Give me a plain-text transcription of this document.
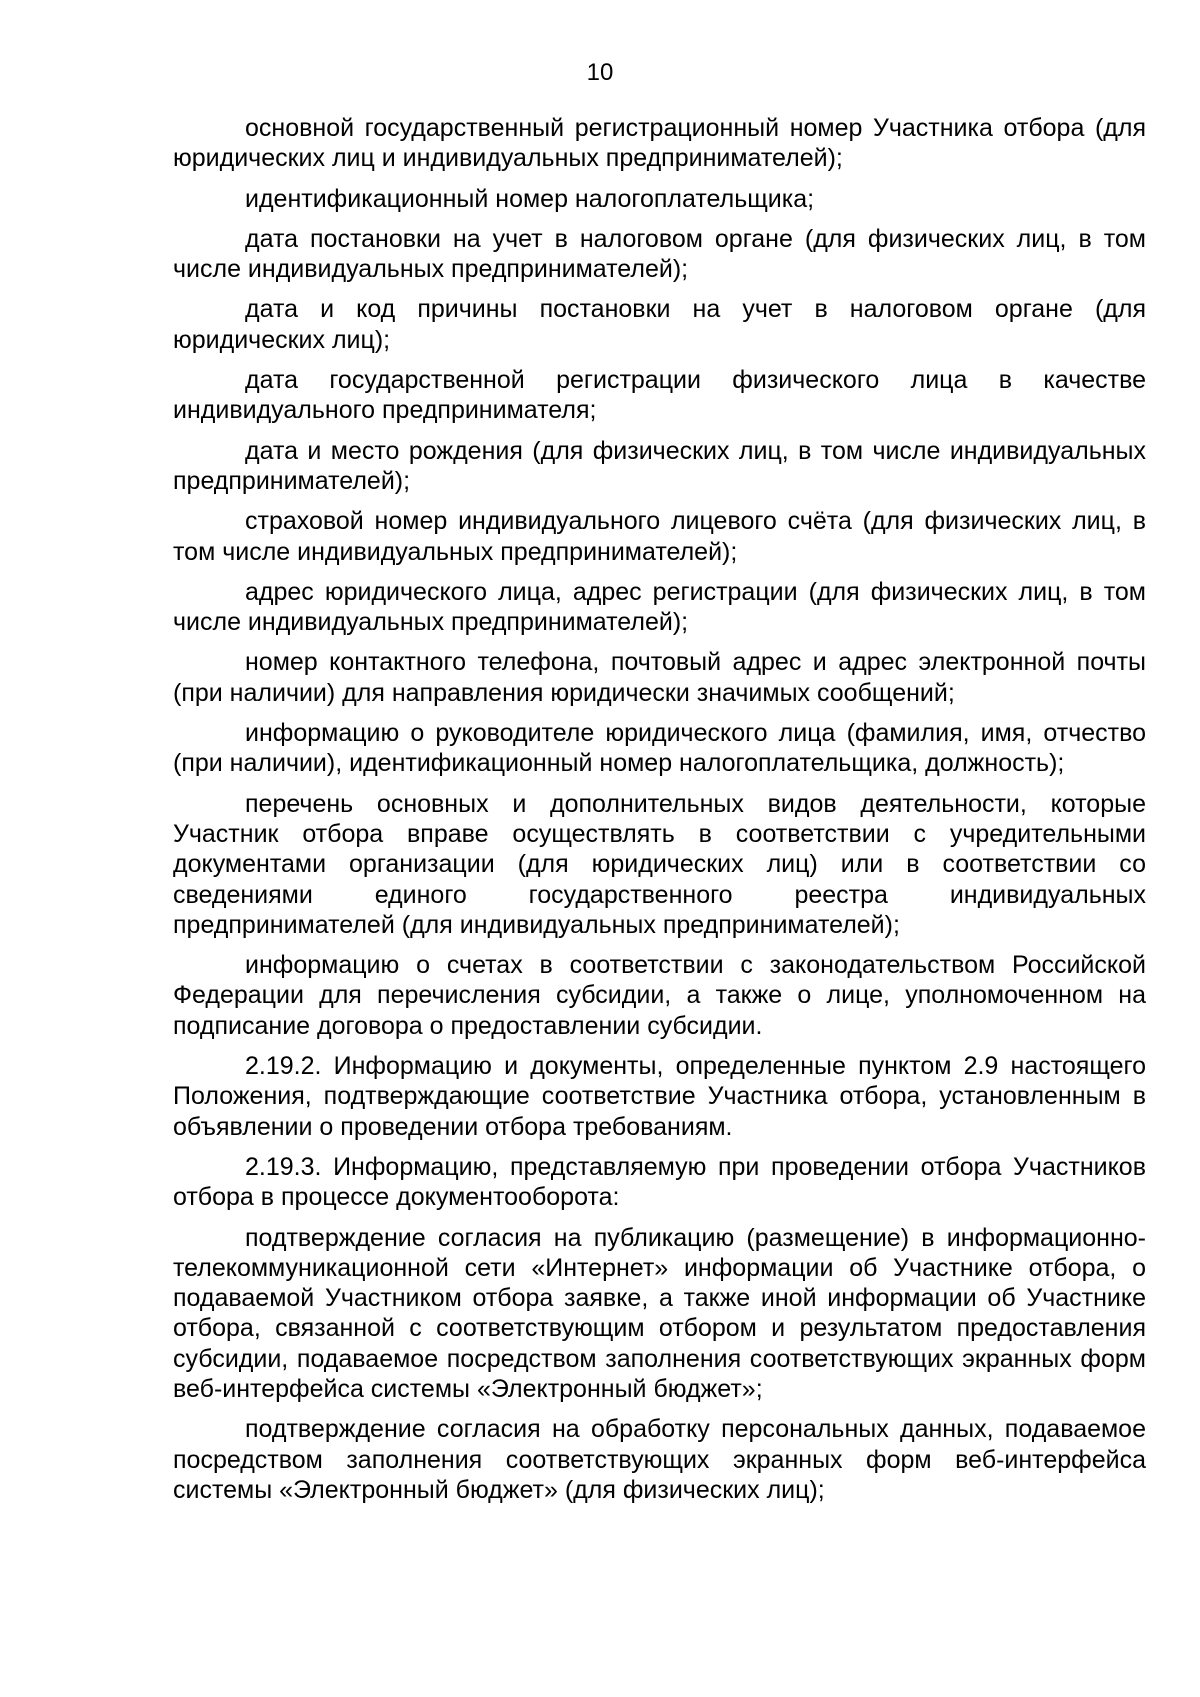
10

основной государственный регистрационный номер Участника отбора (для юридических лиц и индивидуальных предпринимателей);

идентификационный номер налогоплательщика;

дата постановки на учет в налоговом органе (для физических лиц, в том числе индивидуальных предпринимателей);

дата и код причины постановки на учет в налоговом органе (для юридических лиц);

дата государственной регистрации физического лица в качестве индивидуального предпринимателя;

дата и место рождения (для физических лиц, в том числе индивидуальных предпринимателей);

страховой номер индивидуального лицевого счёта (для физических лиц, в том числе индивидуальных предпринимателей);

адрес юридического лица, адрес регистрации (для физических лиц, в том числе индивидуальных предпринимателей);

номер контактного телефона, почтовый адрес и адрес электронной почты (при наличии) для направления юридически значимых сообщений;

информацию о руководителе юридического лица (фамилия, имя, отчество (при наличии), идентификационный номер налогоплательщика, должность);

перечень основных и дополнительных видов деятельности, которые Участник отбора вправе осуществлять в соответствии с учредительными документами организации (для юридических лиц) или в соответствии со сведениями единого государственного реестра индивидуальных предпринимателей (для индивидуальных предпринимателей);

информацию о счетах в соответствии с законодательством Российской Федерации для перечисления субсидии, а также о лице, уполномоченном на подписание договора о предоставлении субсидии.

2.19.2. Информацию и документы, определенные пунктом 2.9 настоящего Положения, подтверждающие соответствие Участника отбора, установленным в объявлении о проведении отбора требованиям.

2.19.3. Информацию, представляемую при проведении отбора Участников отбора в процессе документооборота:

подтверждение согласия на публикацию (размещение) в информационно-телекоммуникационной сети «Интернет» информации об Участнике отбора, о подаваемой Участником отбора заявке, а также иной информации об Участнике отбора, связанной с соответствующим отбором и результатом предоставления субсидии, подаваемое посредством заполнения соответствующих экранных форм веб-интерфейса системы «Электронный бюджет»;

подтверждение согласия на обработку персональных данных, подаваемое посредством заполнения соответствующих экранных форм веб-интерфейса системы «Электронный бюджет» (для физических лиц);
